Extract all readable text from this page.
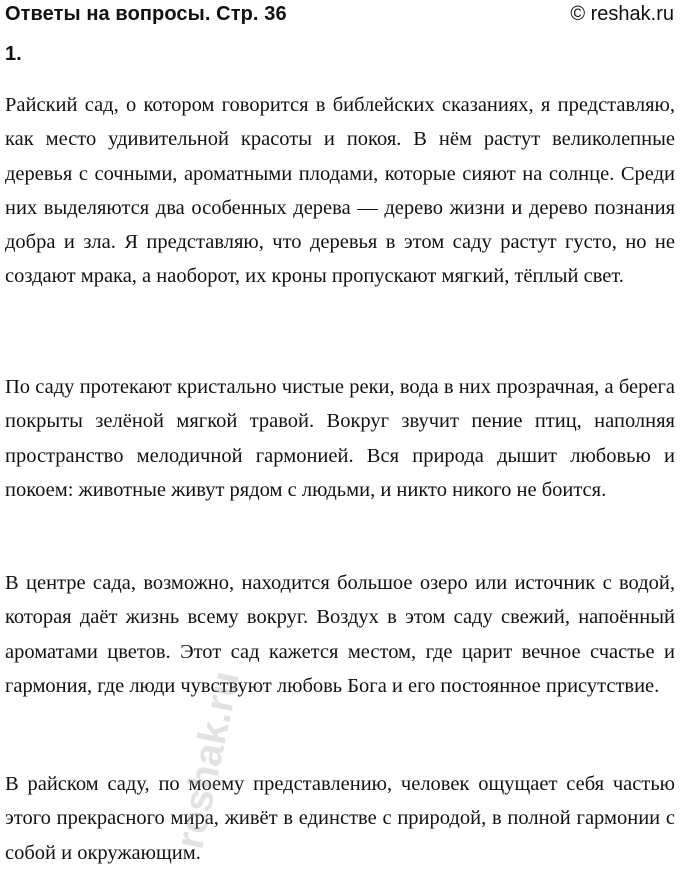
Ответы на вопросы. Стр. 36	© reshak.ru
1.

Райский сад, о котором говорится в библейских сказаниях, я представляю, как место удивительной красоты и покоя. В нём растут великолепные деревья с сочными, ароматными плодами, которые сияют на солнце. Среди них выделяются два особенных дерева — дерево жизни и дерево познания добра и зла. Я представляю, что деревья в этом саду растут густо, но не создают мрака, а наоборот, их кроны пропускают мягкий, тёплый свет.

По саду протекают кристально чистые реки, вода в них прозрачная, а берега покрыты зелёной мягкой травой. Вокруг звучит пение птиц, наполняя пространство мелодичной гармонией. Вся природа дышит любовью и покоем: животные живут рядом с людьми, и никто никого не боится.

В центре сада, возможно, находится большое озеро или источник с водой, которая даёт жизнь всему вокруг. Воздух в этом саду свежий, напоённый ароматами цветов. Этот сад кажется местом, где царит вечное счастье и гармония, где люди чувствуют любовь Бога и его постоянное присутствие.

В райском саду, по моему представлению, человек ощущает себя частью этого прекрасного мира, живёт в единстве с природой, в полной гармонии с собой и окружающим.

reshak.ru
